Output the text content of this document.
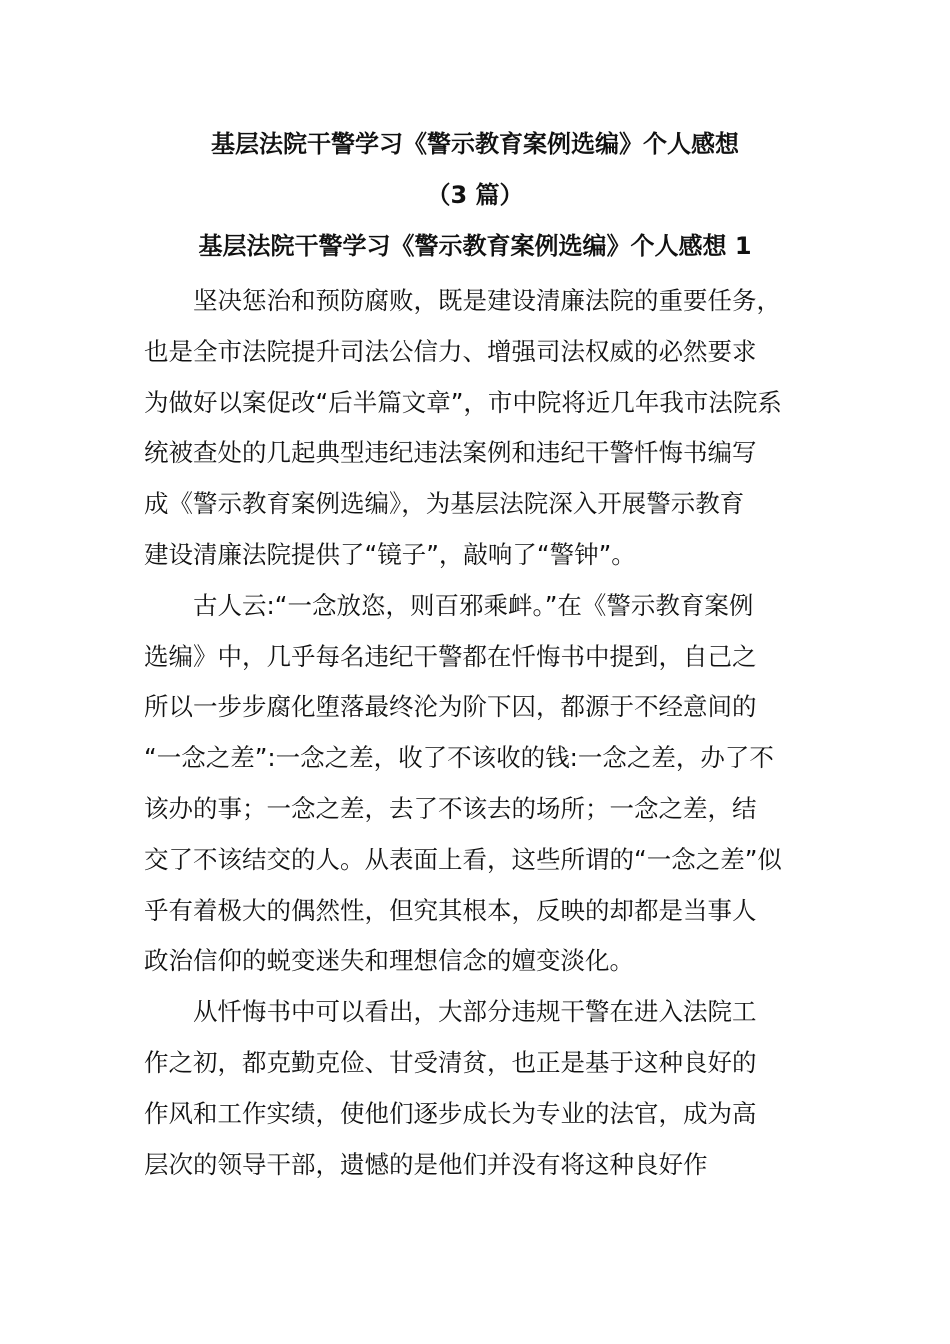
基层法院干警学习《警示教育案例选编》个人感想
（3 篇）
基层法院干警学习《警示教育案例选编》个人感想 1
坚决惩治和预防腐败，既是建设清廉法院的重要任务，
也是全市法院提升司法公信力、增强司法权威的必然要求
为做好以案促改“后半篇文章”，市中院将近几年我市法院系
统被查处的几起典型违纪违法案例和违纪干警忏悔书编写
成《警示教育案例选编》，为基层法院深入开展警示教育
建设清廉法院提供了“镜子”，敲响了“警钟”。
古人云:“一念放恣，则百邪乘衅。”在《警示教育案例
选编》中，几乎每名违纪干警都在忏悔书中提到，自己之
所以一步步腐化堕落最终沦为阶下囚，都源于不经意间的
“一念之差”:一念之差，收了不该收的钱:一念之差，办了不
该办的事；一念之差，去了不该去的场所；一念之差，结
交了不该结交的人。从表面上看，这些所谓的“一念之差”似
乎有着极大的偶然性，但究其根本，反映的却都是当事人
政治信仰的蜕变迷失和理想信念的嬗变淡化。
从忏悔书中可以看出，大部分违规干警在进入法院工
作之初，都克勤克俭、甘受清贫，也正是基于这种良好的
作风和工作实绩，使他们逐步成长为专业的法官，成为高
层次的领导干部，遗憾的是他们并没有将这种良好作
